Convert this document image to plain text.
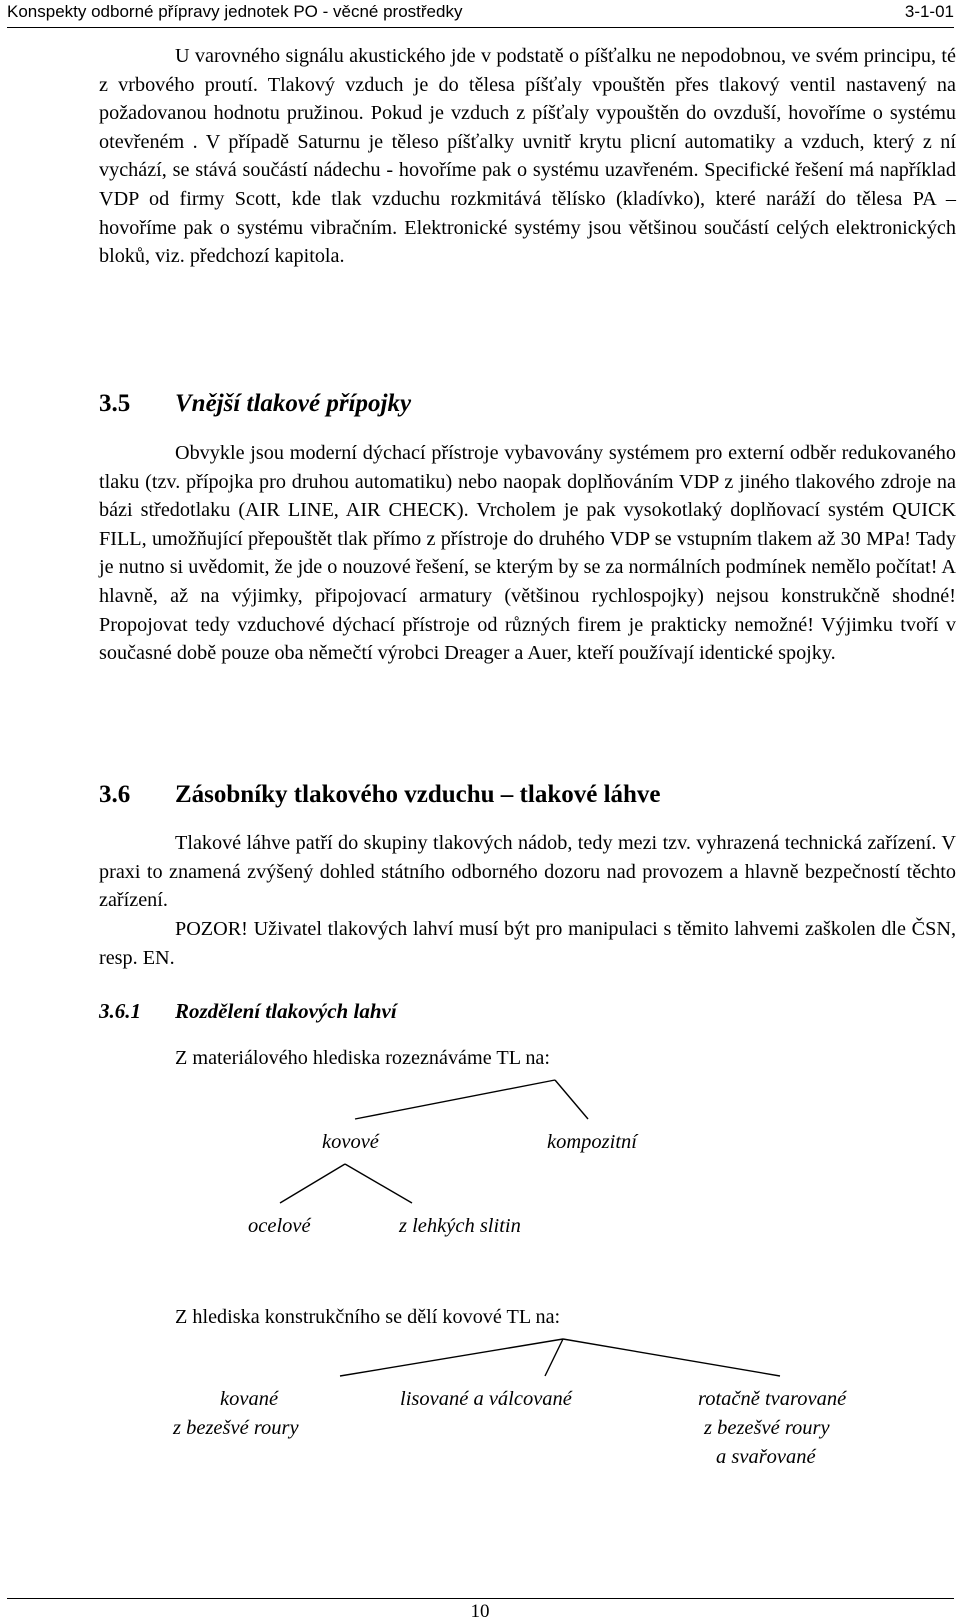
Konspekty odborné přípravy jednotek PO - věcné prostředky	3-1-01
U varovného signálu akustického jde v podstatě o píšťalku ne nepodobnou, ve svém principu, té z vrbového proutí. Tlakový vzduch je do tělesa píšťaly vpouštěn přes tlakový ventil nastavený na požadovanou hodnotu pružinou. Pokud je vzduch z píšťaly vypouštěn do ovzduší, hovoříme o systému otevřeném . V případě Saturnu je těleso píšťalky uvnitř krytu plicní automatiky a vzduch, který z ní vychází, se stává součástí nádechu - hovoříme pak o systému uzavřeném. Specifické řešení má například VDP od firmy Scott, kde tlak vzduchu rozkmitává tělísko (kladívko), které naráží do tělesa PA – hovoříme pak o systému vibračním. Elektronické systémy jsou většinou součástí celých elektronických bloků, viz. předchozí kapitola.
3.5 Vnější tlakové přípojky
Obvykle jsou moderní dýchací přístroje vybavovány systémem pro externí odběr redukovaného tlaku (tzv. přípojka pro druhou automatiku) nebo naopak doplňováním VDP z jiného tlakového zdroje na bázi středotlaku (AIR LINE, AIR CHECK). Vrcholem je pak vysokotlaký doplňovací systém QUICK FILL, umožňující přepouštět tlak přímo z přístroje do druhého VDP se vstupním tlakem až 30 MPa! Tady je nutno si uvědomit, že jde o nouzové řešení, se kterým by se za normálních podmínek nemělo počítat! A hlavně, až na výjimky, připojovací armatury (většinou rychlospojky) nejsou konstrukčně shodné! Propojovat tedy vzduchové dýchací přístroje od různých firem je prakticky nemožné! Výjimku tvoří v současné době pouze oba němečtí výrobci Dreager a Auer, kteří používají identické spojky.
3.6 Zásobníky tlakového vzduchu – tlakové láhve
Tlakové láhve patří do skupiny tlakových nádob, tedy mezi tzv. vyhrazená technická zařízení. V praxi to znamená zvýšený dohled státního odborného dozoru nad provozem a hlavně bezpečností těchto zařízení.
POZOR! Uživatel tlakových lahví musí být pro manipulaci s těmito lahvemi zaškolen dle ČSN, resp. EN.
3.6.1 Rozdělení tlakových lahví
Z materiálového hlediska rozeznáváme TL na:
kovové	kompozitní
ocelové	z lehkých slitin
Z hlediska konstrukčního se dělí kovové TL na:
kované
z bezešvé roury
lisované a válcované	rotačně tvarované
z bezešvé roury
a svařované
10
